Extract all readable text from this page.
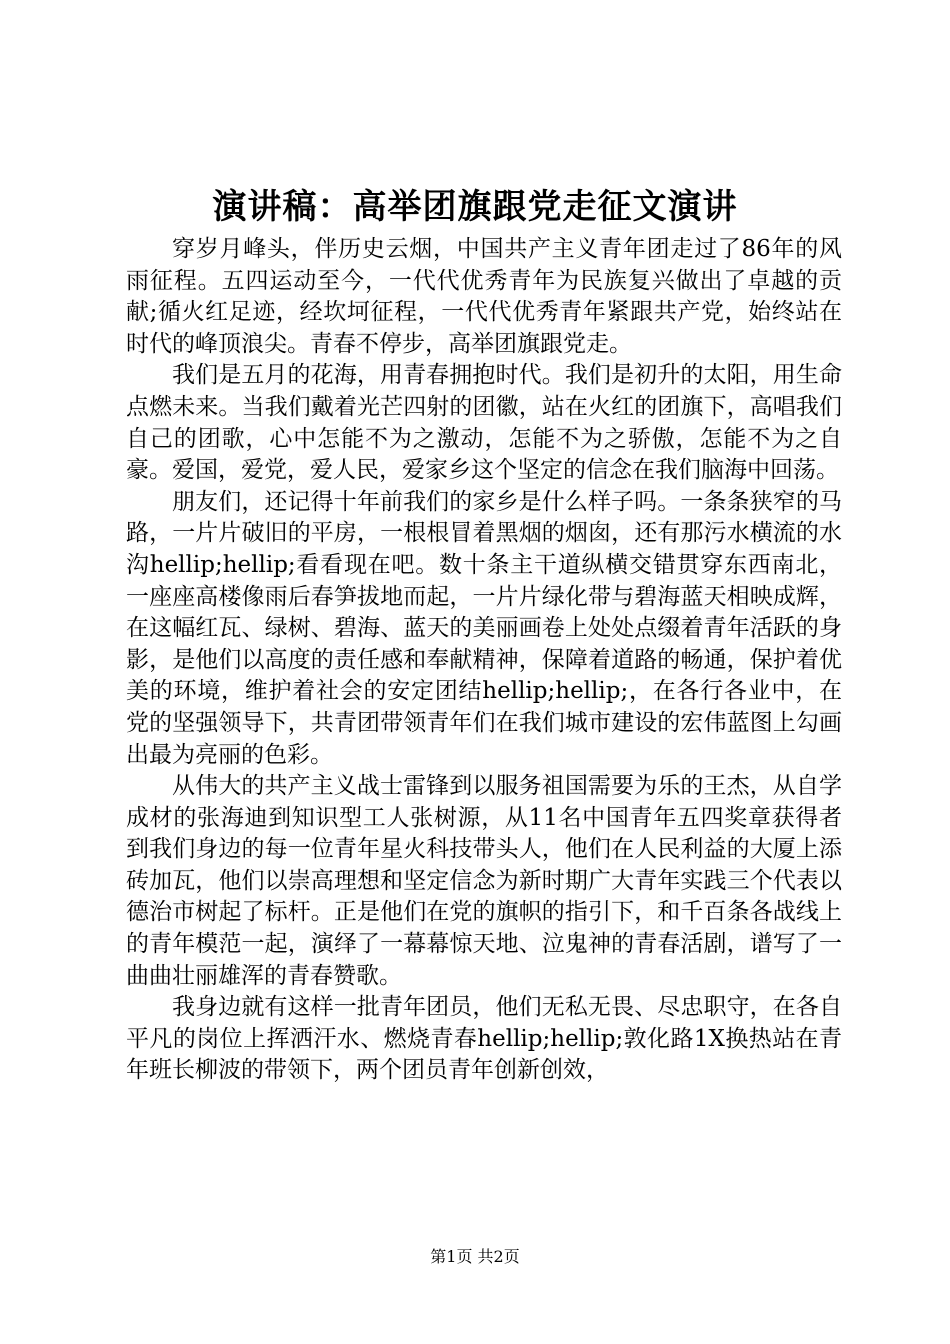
演讲稿：高举团旗跟党走征文演讲

穿岁月峰头，伴历史云烟，中国共产主义青年团走过了86年的风雨征程。五四运动至今，一代代优秀青年为民族复兴做出了卓越的贡献;循火红足迹，经坎坷征程，一代代优秀青年紧跟共产党，始终站在时代的峰顶浪尖。青春不停步，高举团旗跟党走。

我们是五月的花海，用青春拥抱时代。我们是初升的太阳，用生命点燃未来。当我们戴着光芒四射的团徽，站在火红的团旗下，高唱我们自己的团歌，心中怎能不为之激动，怎能不为之骄傲，怎能不为之自豪。爱国，爱党，爱人民，爱家乡这个坚定的信念在我们脑海中回荡。

朋友们，还记得十年前我们的家乡是什么样子吗。一条条狭窄的马路，一片片破旧的平房，一根根冒着黑烟的烟囱，还有那污水横流的水沟hellip;hellip;看看现在吧。数十条主干道纵横交错贯穿东西南北，一座座高楼像雨后春笋拔地而起，一片片绿化带与碧海蓝天相映成辉，在这幅红瓦、绿树、碧海、蓝天的美丽画卷上处处点缀着青年活跃的身影，是他们以高度的责任感和奉献精神，保障着道路的畅通，保护着优美的环境，维护着社会的安定团结hellip;hellip;，在各行各业中，在党的坚强领导下，共青团带领青年们在我们城市建设的宏伟蓝图上勾画出最为亮丽的色彩。

从伟大的共产主义战士雷锋到以服务祖国需要为乐的王杰，从自学成材的张海迪到知识型工人张树源，从11名中国青年五四奖章获得者到我们身边的每一位青年星火科技带头人，他们在人民利益的大厦上添砖加瓦，他们以崇高理想和坚定信念为新时期广大青年实践三个代表以德治市树起了标杆。正是他们在党的旗帜的指引下，和千百条各战线上的青年模范一起，演绎了一幕幕惊天地、泣鬼神的青春活剧，谱写了一曲曲壮丽雄浑的青春赞歌。

我身边就有这样一批青年团员，他们无私无畏、尽忠职守，在各自平凡的岗位上挥洒汗水、燃烧青春hellip;hellip;敦化路1X换热站在青年班长柳波的带领下，两个团员青年创新创效，

第1页 共2页
